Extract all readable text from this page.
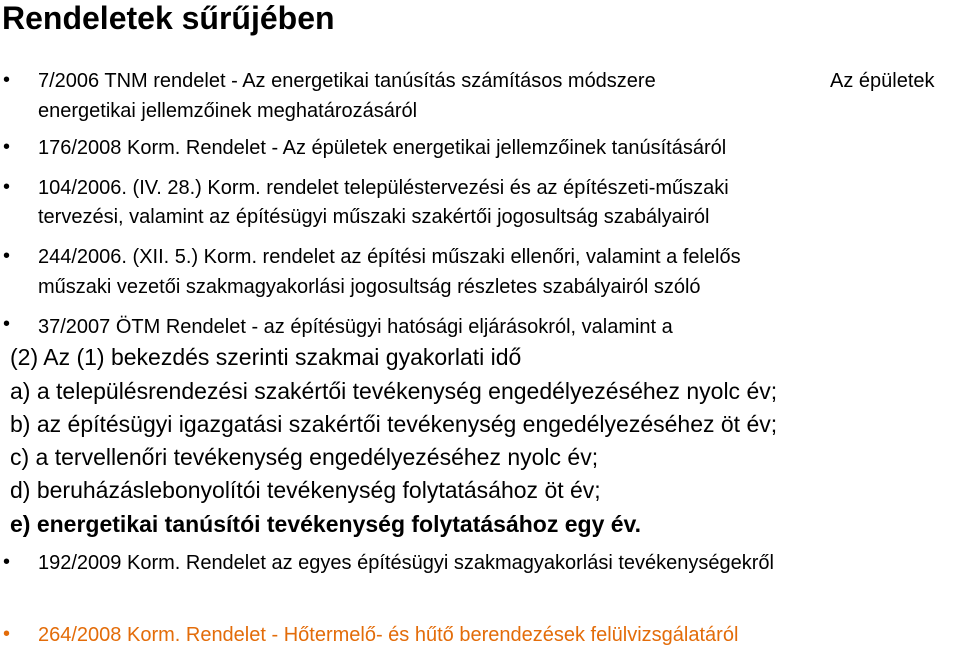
Rendeletek sűrűjében
• 7/2006 TNM rendelet - Az energetikai tanúsítás számításos módszere	Az épületek
energetikai jellemzőinek meghatározásáról
• 176/2008 Korm. Rendelet - Az épületek energetikai jellemzőinek tanúsításáról
• 104/2006. (IV. 28.) Korm. rendelet településtervezési és az építészeti-műszaki
tervezési, valamint az építésügyi műszaki szakértői jogosultság szabályairól
• 244/2006. (XII. 5.) Korm. rendelet az építési műszaki ellenőri, valamint a felelős
műszaki vezetői szakmagyakorlási jogosultság részletes szabályairól szóló
• 37/2007 ÖTM Rendelet - az építésügyi hatósági eljárásokról, valamint a
(2) Az (1) bekezdés szerinti szakmai gyakorlati idő
a) a településrendezési szakértői tevékenység engedélyezéséhez nyolc év;
b) az építésügyi igazgatási szakértői tevékenység engedélyezéséhez öt év;
c) a tervellenőri tevékenység engedélyezéséhez nyolc év;
d) beruházáslebonyolítói tevékenység folytatásához öt év;
e) energetikai tanúsítói tevékenység folytatásához egy év.
• 192/2009 Korm. Rendelet az egyes építésügyi szakmagyakorlási tevékenységekről
• 264/2008 Korm. Rendelet - Hőtermelő- és hűtő berendezések felülvizsgálatáról
